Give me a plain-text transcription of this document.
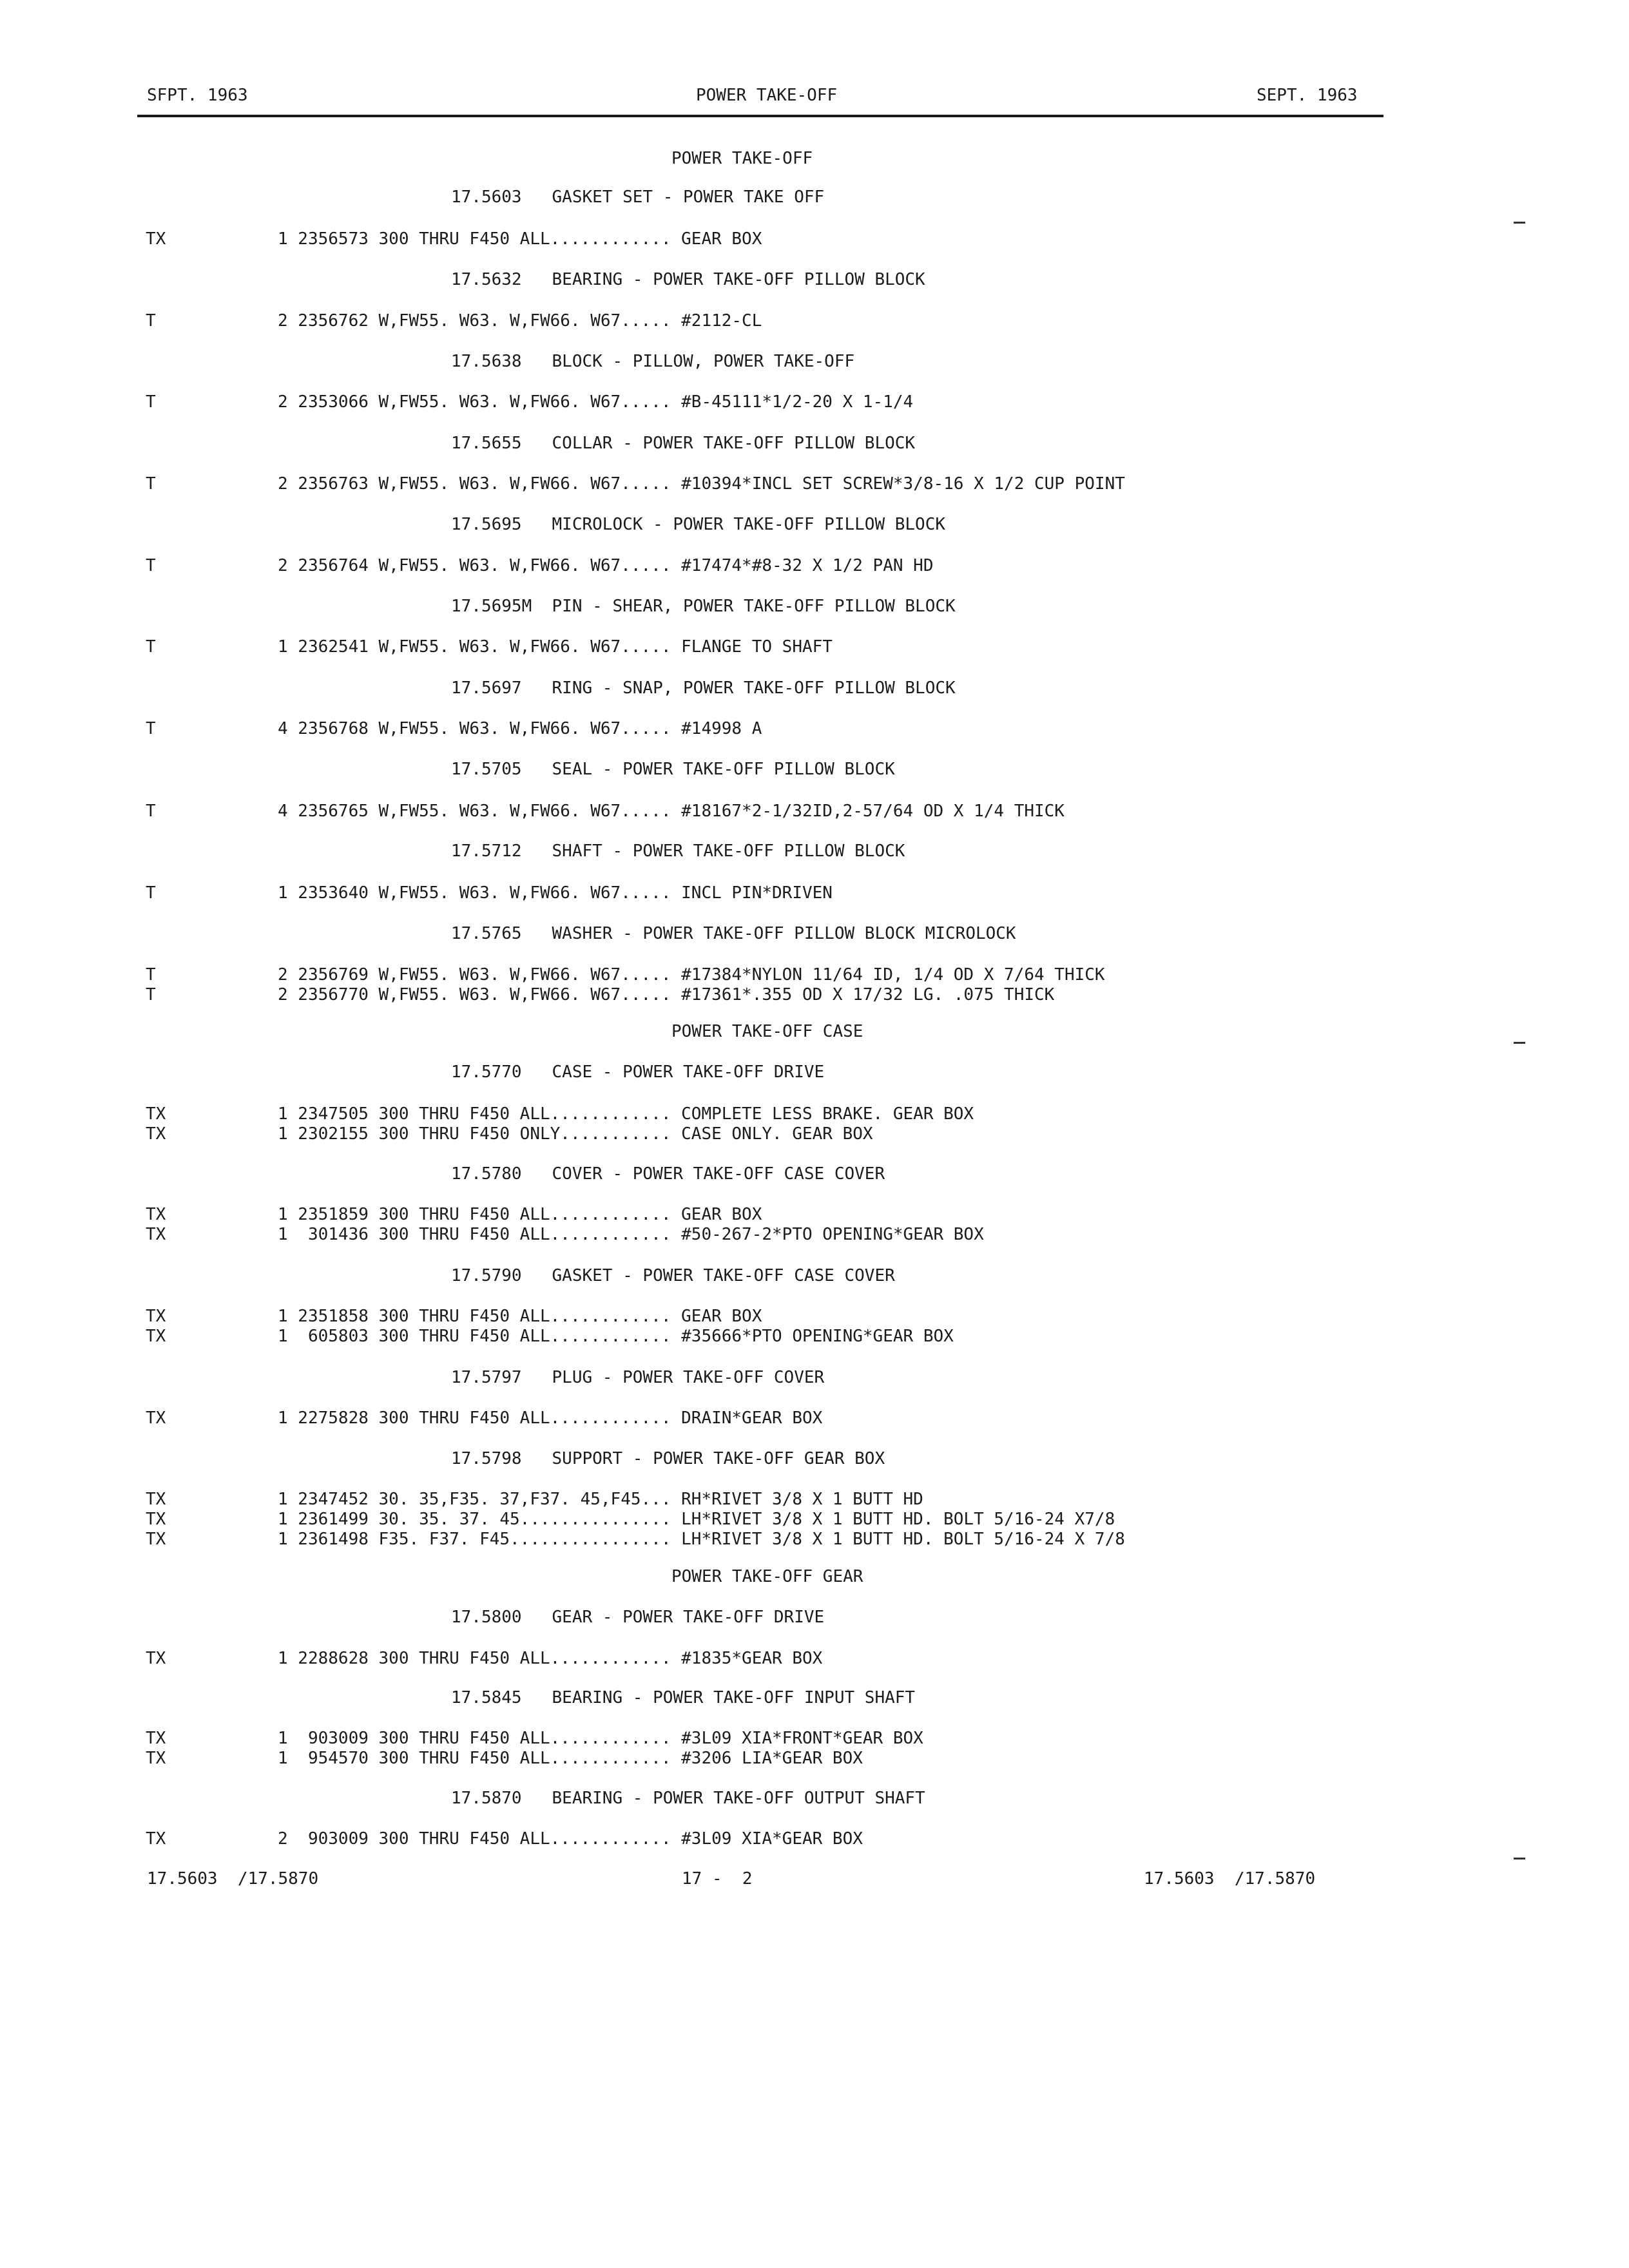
SFPT. 1963	POWER TAKE-OFF	SEPT. 1963
POWER TAKE-OFF
17.5603   GASKET SET - POWER TAKE OFF
TX	1 2356573 300 THRU F450 ALL............ GEAR BOX
17.5632   BEARING - POWER TAKE-OFF PILLOW BLOCK
T	2 2356762 W,FW55. W63. W,FW66. W67..... #2112-CL
17.5638   BLOCK - PILLOW, POWER TAKE-OFF
T	2 2353066 W,FW55. W63. W,FW66. W67..... #B-45111*1/2-20 X 1-1/4
17.5655   COLLAR - POWER TAKE-OFF PILLOW BLOCK
T	2 2356763 W,FW55. W63. W,FW66. W67..... #10394*INCL SET SCREW*3/8-16 X 1/2 CUP POINT
17.5695   MICROLOCK - POWER TAKE-OFF PILLOW BLOCK
T	2 2356764 W,FW55. W63. W,FW66. W67..... #17474*#8-32 X 1/2 PAN HD
17.5695M  PIN - SHEAR, POWER TAKE-OFF PILLOW BLOCK
T	1 2362541 W,FW55. W63. W,FW66. W67..... FLANGE TO SHAFT
17.5697   RING - SNAP, POWER TAKE-OFF PILLOW BLOCK
T	4 2356768 W,FW55. W63. W,FW66. W67..... #14998 A
17.5705   SEAL - POWER TAKE-OFF PILLOW BLOCK
T	4 2356765 W,FW55. W63. W,FW66. W67..... #18167*2-1/32ID,2-57/64 OD X 1/4 THICK
17.5712   SHAFT - POWER TAKE-OFF PILLOW BLOCK
T	1 2353640 W,FW55. W63. W,FW66. W67..... INCL PIN*DRIVEN
17.5765   WASHER - POWER TAKE-OFF PILLOW BLOCK MICROLOCK
T	2 2356769 W,FW55. W63. W,FW66. W67..... #17384*NYLON 11/64 ID, 1/4 OD X 7/64 THICK
T	2 2356770 W,FW55. W63. W,FW66. W67..... #17361*.355 OD X 17/32 LG. .075 THICK
POWER TAKE-OFF CASE
17.5770   CASE - POWER TAKE-OFF DRIVE
TX	1 2347505 300 THRU F450 ALL............ COMPLETE LESS BRAKE. GEAR BOX
TX	1 2302155 300 THRU F450 ONLY........... CASE ONLY. GEAR BOX
17.5780   COVER - POWER TAKE-OFF CASE COVER
TX	1 2351859 300 THRU F450 ALL............ GEAR BOX
TX	1  301436 300 THRU F450 ALL............ #50-267-2*PTO OPENING*GEAR BOX
17.5790   GASKET - POWER TAKE-OFF CASE COVER
TX	1 2351858 300 THRU F450 ALL............ GEAR BOX
TX	1  605803 300 THRU F450 ALL............ #35666*PTO OPENING*GEAR BOX
17.5797   PLUG - POWER TAKE-OFF COVER
TX	1 2275828 300 THRU F450 ALL............ DRAIN*GEAR BOX
17.5798   SUPPORT - POWER TAKE-OFF GEAR BOX
TX	1 2347452 30. 35,F35. 37,F37. 45,F45... RH*RIVET 3/8 X 1 BUTT HD
TX	1 2361499 30. 35. 37. 45............... LH*RIVET 3/8 X 1 BUTT HD. BOLT 5/16-24 X7/8
TX	1 2361498 F35. F37. F45................ LH*RIVET 3/8 X 1 BUTT HD. BOLT 5/16-24 X 7/8
POWER TAKE-OFF GEAR
17.5800   GEAR - POWER TAKE-OFF DRIVE
TX	1 2288628 300 THRU F450 ALL............ #1835*GEAR BOX
17.5845   BEARING - POWER TAKE-OFF INPUT SHAFT
TX	1  903009 300 THRU F450 ALL............ #3L09 XIA*FRONT*GEAR BOX
TX	1  954570 300 THRU F450 ALL............ #3206 LIA*GEAR BOX
17.5870   BEARING - POWER TAKE-OFF OUTPUT SHAFT
TX	2  903009 300 THRU F450 ALL............ #3L09 XIA*GEAR BOX
17.5603  /17.5870	17 -  2	17.5603  /17.5870
